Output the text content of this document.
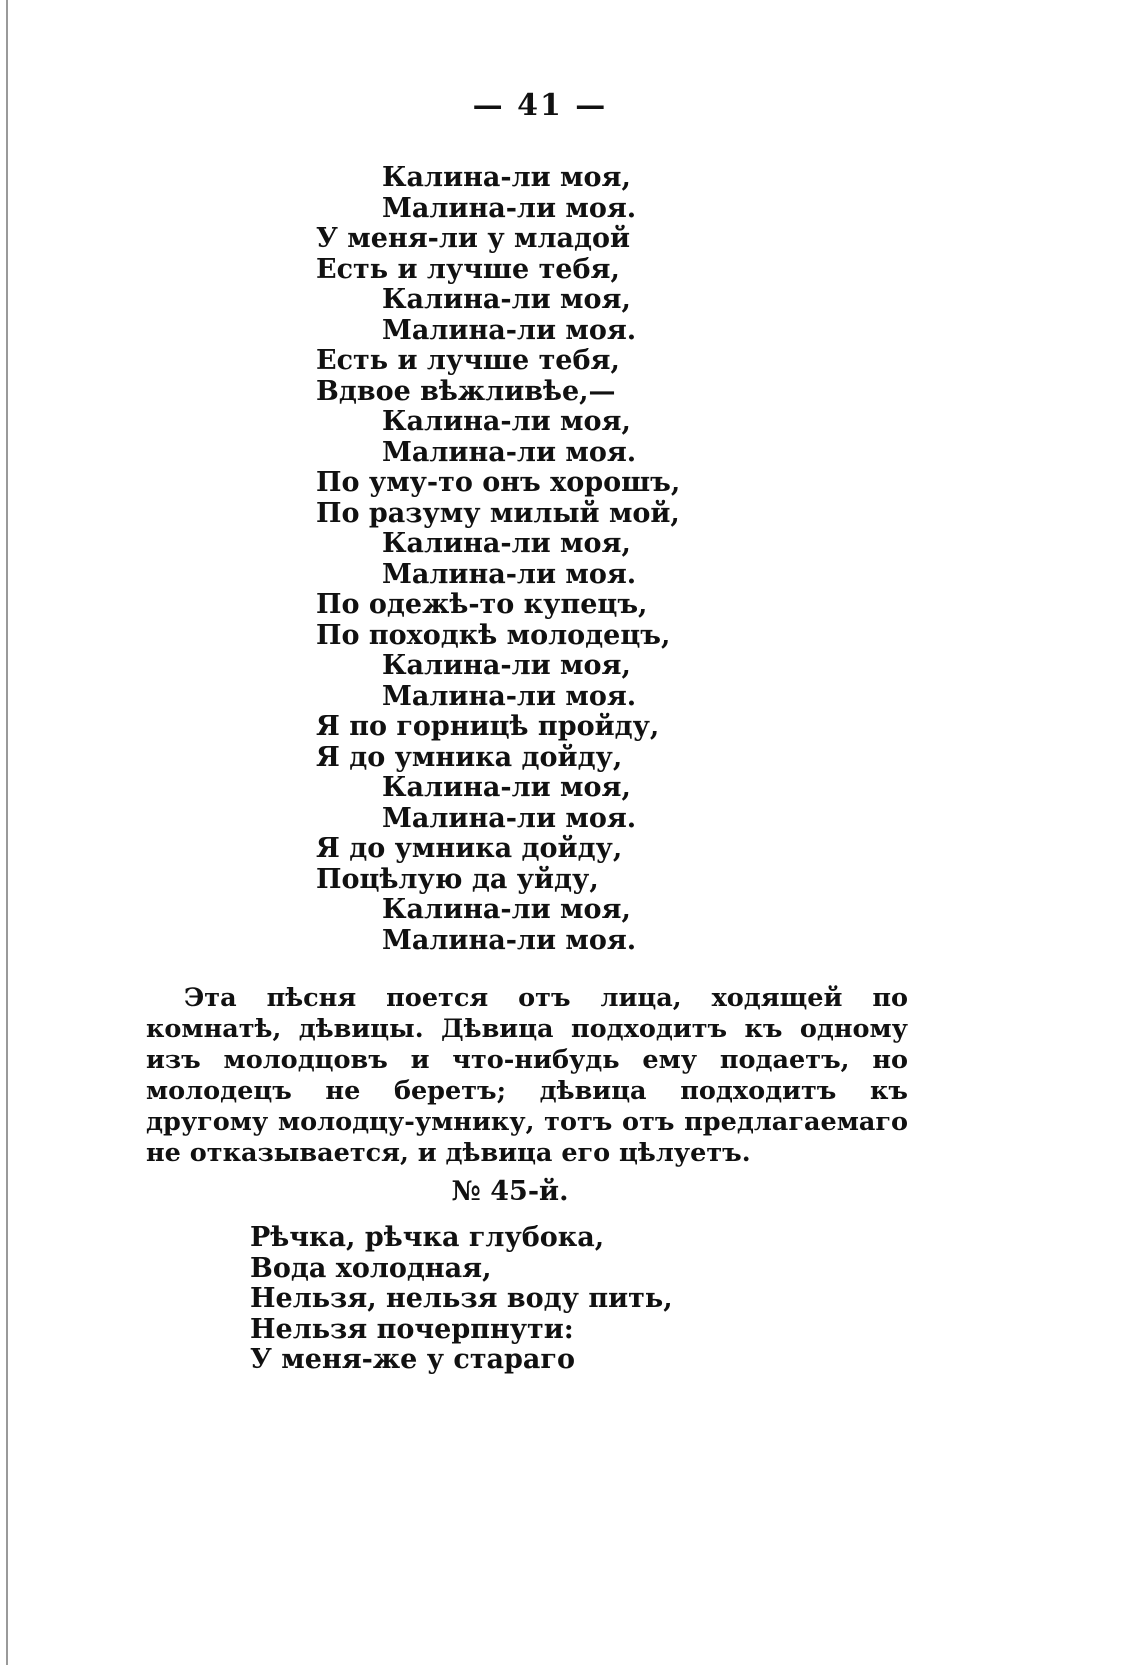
— 41 —
Калина-ли моя,
Малина-ли моя.
У меня-ли у младой
Есть и лучше тебя,
Калина-ли моя,
Малина-ли моя.
Есть и лучше тебя,
Вдвое вѣжливѣе,—
Калина-ли моя,
Малина-ли моя.
По уму-то онъ хорошъ,
По разуму милый мой,
Калина-ли моя,
Малина-ли моя.
По одежѣ-то купецъ,
По походкѣ молодецъ,
Калина-ли моя,
Малина-ли моя.
Я по горницѣ пройду,
Я до умника дойду,
Калина-ли моя,
Малина-ли моя.
Я до умника дойду,
Поцѣлую да уйду,
Калина-ли моя,
Малина-ли моя.

Эта пѣсня поется отъ лица, ходящей по комнатѣ, дѣвицы. Дѣвица подходитъ къ одному изъ молодцовъ и что-нибудь ему подаетъ, но молодецъ не беретъ; дѣвица подходитъ къ другому молодцу-умнику, тотъ отъ предлагаемаго не отказывается, и дѣвица его цѣлуетъ.

№ 45-й.
Рѣчка, рѣчка глубока,
Вода холодная,
Нельзя, нельзя воду пить,
Нельзя почерпнути:
У меня-же у стараго
